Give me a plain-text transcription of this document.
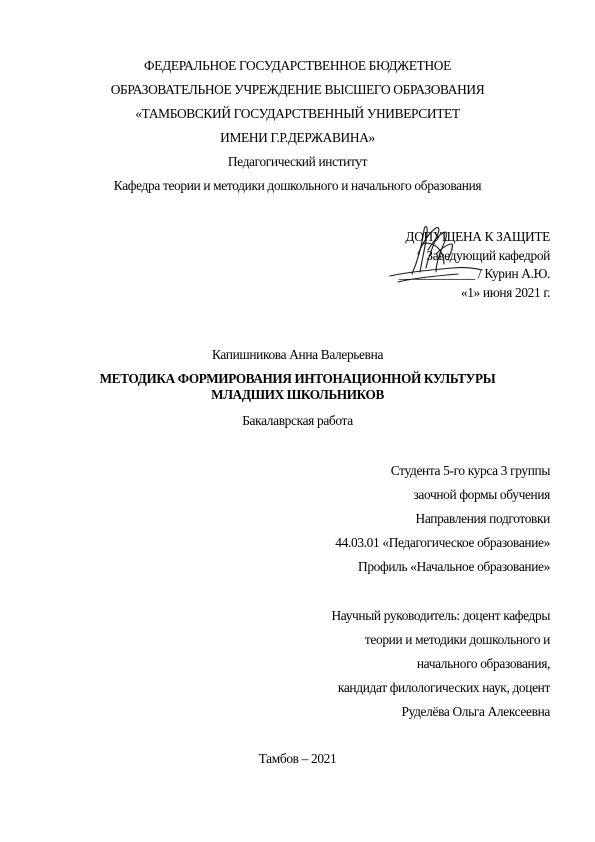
ФЕДЕРАЛЬНОЕ ГОСУДАРСТВЕННОЕ БЮДЖЕТНОЕ
ОБРАЗОВАТЕЛЬНОЕ УЧРЕЖДЕНИЕ ВЫСШЕГО ОБРАЗОВАНИЯ
«ТАМБОВСКИЙ ГОСУДАРСТВЕННЫЙ УНИВЕРСИТЕТ
ИМЕНИ Г.Р.ДЕРЖАВИНА»
Педагогический институт
Кафедра теории и методики дошкольного и начального образования
ДОПУЩЕНА К ЗАЩИТЕ
Заведующий кафедрой
____________ / Курин А.Ю.
«1» июня 2021 г.
Капишникова Анна Валерьевна
МЕТОДИКА ФОРМИРОВАНИЯ ИНТОНАЦИОННОЙ КУЛЬТУРЫ
МЛАДШИХ ШКОЛЬНИКОВ
Бакалаврская работа
Студента 5-го курса 3 группы
заочной формы обучения
Направления подготовки
44.03.01 «Педагогическое образование»
Профиль «Начальное образование»
Научный руководитель: доцент кафедры
теории и методики дошкольного и
начального образования,
кандидат филологических наук, доцент
Руделёва Ольга Алексеевна
Тамбов – 2021
